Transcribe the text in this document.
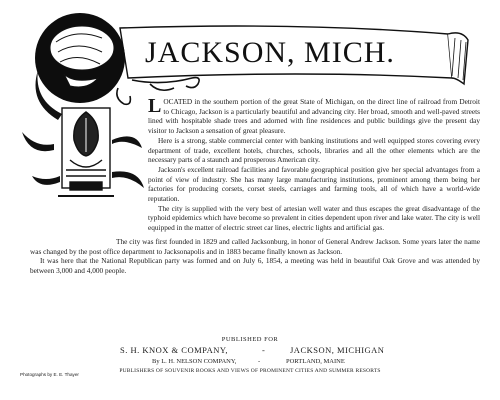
JACKSON, MICH.

LOCATED in the southern portion of the great State of Michigan, on the direct line of railroad from Detroit to Chicago, Jackson is a particularly beautiful and advancing city. Her broad, smooth and well-paved streets lined with hospitable shade trees and adorned with fine residences and public buildings give the present day visitor to Jackson a sensation of great pleasure.

Here is a strong, stable commercial center with banking institutions and well equipped stores covering every department of trade, excellent hotels, churches, schools, libraries and all the other elements which are the necessary parts of a staunch and prosperous American city.

Jackson's excellent railroad facilities and favorable geographical position give her special advantages from a point of view of industry. She has many large manufacturing institutions, prominent among them being her factories for producing corsets, corset steels, carriages and farming tools, all of which have a world-wide reputation.

The city is supplied with the very best of artesian well water and thus escapes the great disadvantage of the typhoid epidemics which have become so prevalent in cities dependent upon river and lake water. The city is well equipped in the matter of electric street car lines, electric lights and artificial gas.

The city was first founded in 1829 and called Jacksonburg, in honor of General Andrew Jackson. Some years later the name was changed by the post office department to Jacksonapolis and in 1883 became finally known as Jackson.

It was here that the National Republican party was formed and on July 6, 1854, a meeting was held in beautiful Oak Grove and was attended by between 3,000 and 4,000 people.

PUBLISHED FOR
S. H. KNOX & COMPANY,	-	JACKSON, MICHIGAN
By L. H. NELSON COMPANY,	-	PORTLAND, MAINE
PUBLISHERS OF SOUVENIR BOOKS AND VIEWS OF PROMINENT CITIES AND SUMMER RESORTS
Photographs by E. E. Thayer
